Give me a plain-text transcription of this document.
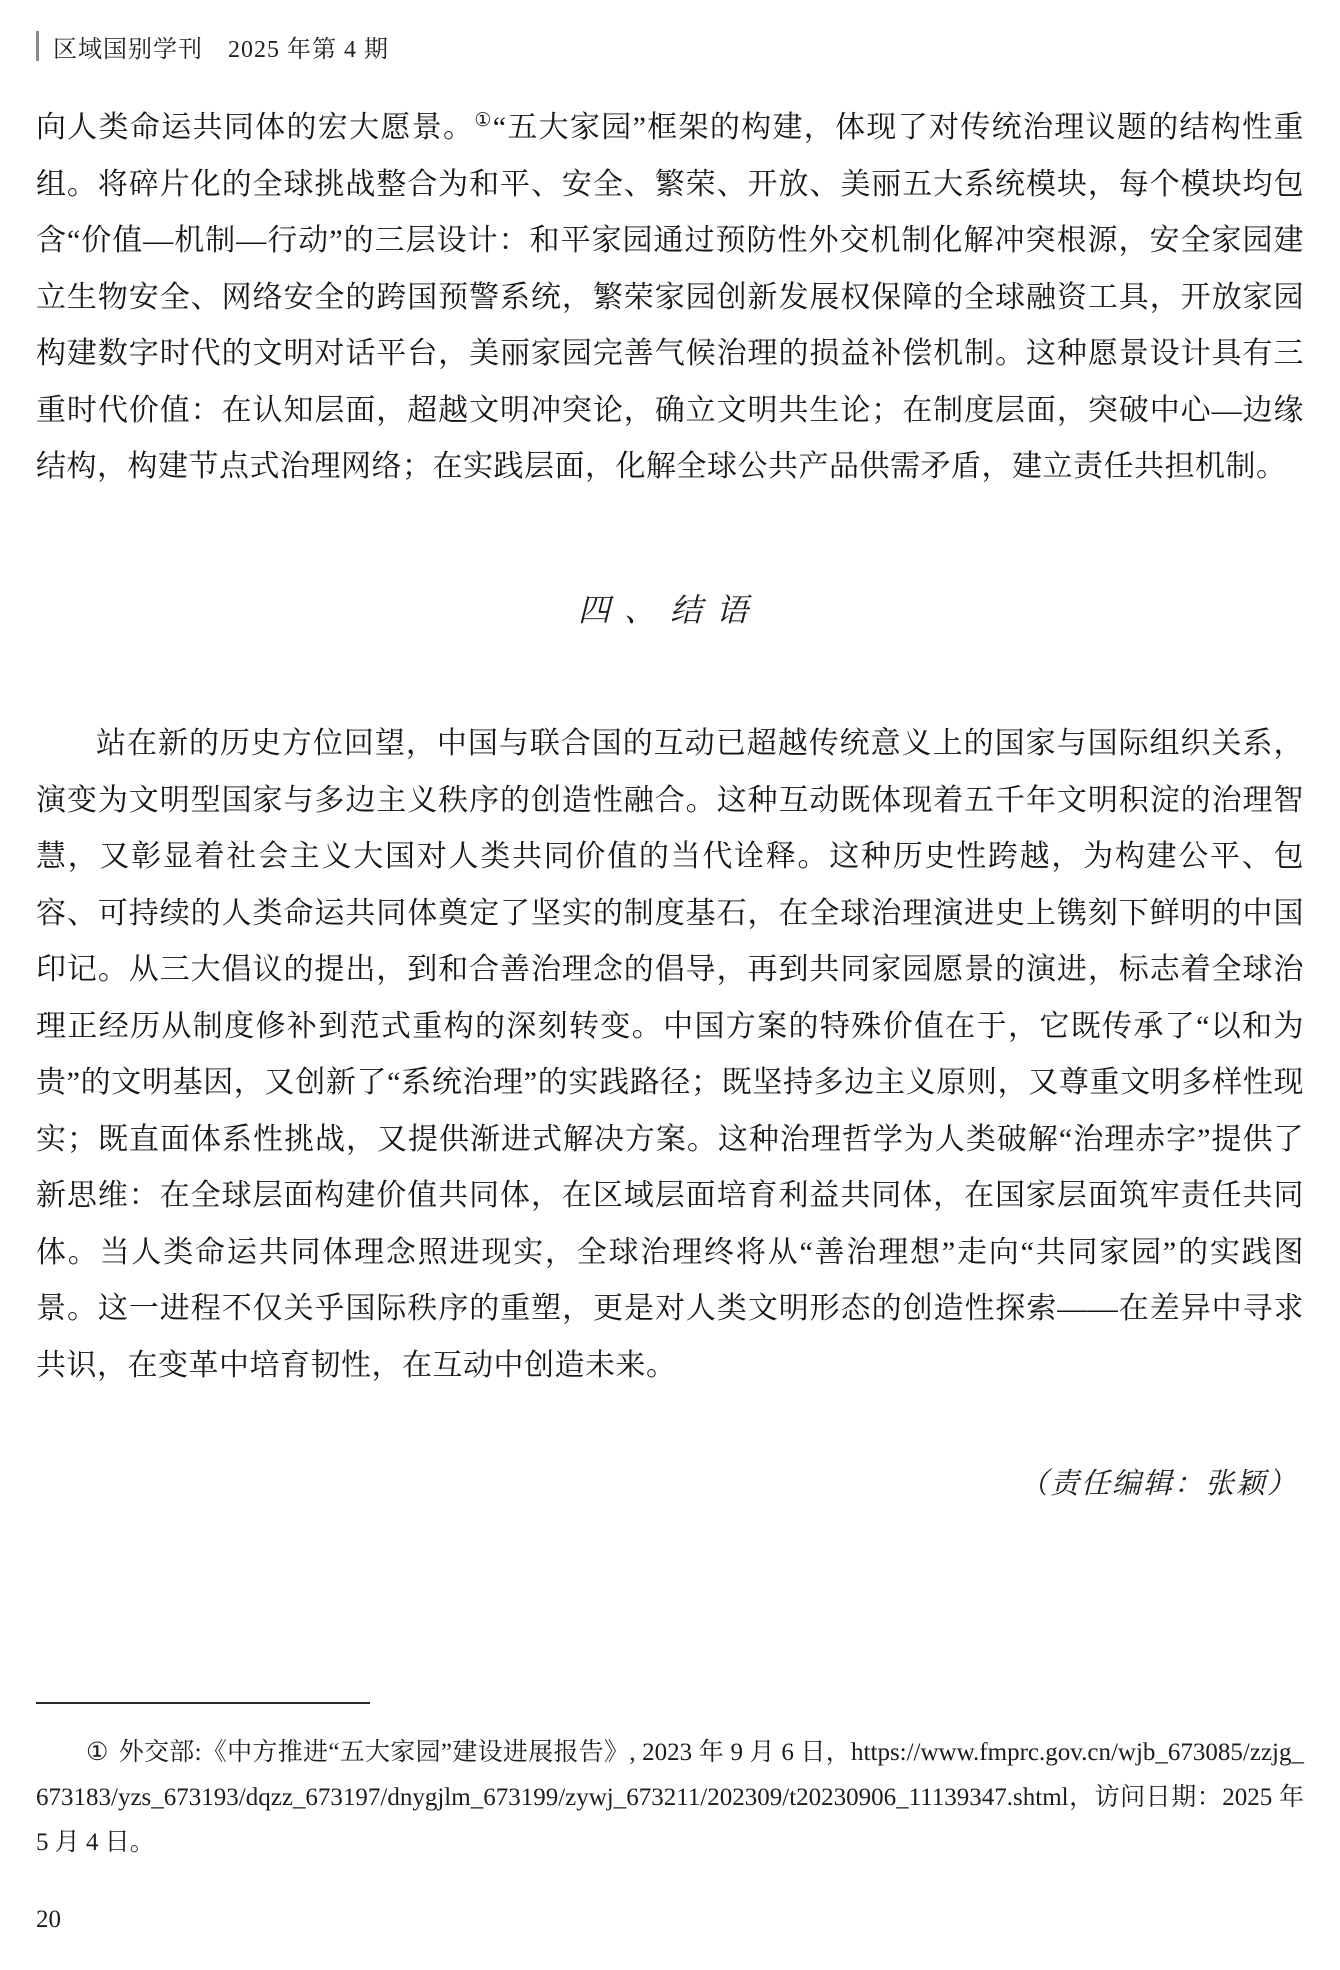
区域国别学刊　2025 年第 4 期

向人类命运共同体的宏大愿景。①“五大家园”框架的构建，体现了对传统治理议题的结构性重组。将碎片化的全球挑战整合为和平、安全、繁荣、开放、美丽五大系统模块，每个模块均包含“价值—机制—行动”的三层设计：和平家园通过预防性外交机制化解冲突根源，安全家园建立生物安全、网络安全的跨国预警系统，繁荣家园创新发展权保障的全球融资工具，开放家园构建数字时代的文明对话平台，美丽家园完善气候治理的损益补偿机制。这种愿景设计具有三重时代价值：在认知层面，超越文明冲突论，确立文明共生论；在制度层面，突破中心—边缘结构，构建节点式治理网络；在实践层面，化解全球公共产品供需矛盾，建立责任共担机制。

四、结语

站在新的历史方位回望，中国与联合国的互动已超越传统意义上的国家与国际组织关系，演变为文明型国家与多边主义秩序的创造性融合。这种互动既体现着五千年文明积淀的治理智慧，又彰显着社会主义大国对人类共同价值的当代诠释。这种历史性跨越，为构建公平、包容、可持续的人类命运共同体奠定了坚实的制度基石，在全球治理演进史上镌刻下鲜明的中国印记。从三大倡议的提出，到和合善治理念的倡导，再到共同家园愿景的演进，标志着全球治理正经历从制度修补到范式重构的深刻转变。中国方案的特殊价值在于，它既传承了“以和为贵”的文明基因，又创新了“系统治理”的实践路径；既坚持多边主义原则，又尊重文明多样性现实；既直面体系性挑战，又提供渐进式解决方案。这种治理哲学为人类破解“治理赤字”提供了新思维：在全球层面构建价值共同体，在区域层面培育利益共同体，在国家层面筑牢责任共同体。当人类命运共同体理念照进现实，全球治理终将从“善治理想”走向“共同家园”的实践图景。这一进程不仅关乎国际秩序的重塑，更是对人类文明形态的创造性探索——在差异中寻求共识，在变革中培育韧性，在互动中创造未来。

（责任编辑：张颖）

① 外交部:《中方推进“五大家园”建设进展报告》, 2023 年 9 月 6 日，https://www.fmprc.gov.cn/wjb_673085/zzjg_673183/yzs_673193/dqzz_673197/dnygjlm_673199/zywj_673211/202309/t20230906_11139347.shtml，访问日期：2025 年 5 月 4 日。

20
